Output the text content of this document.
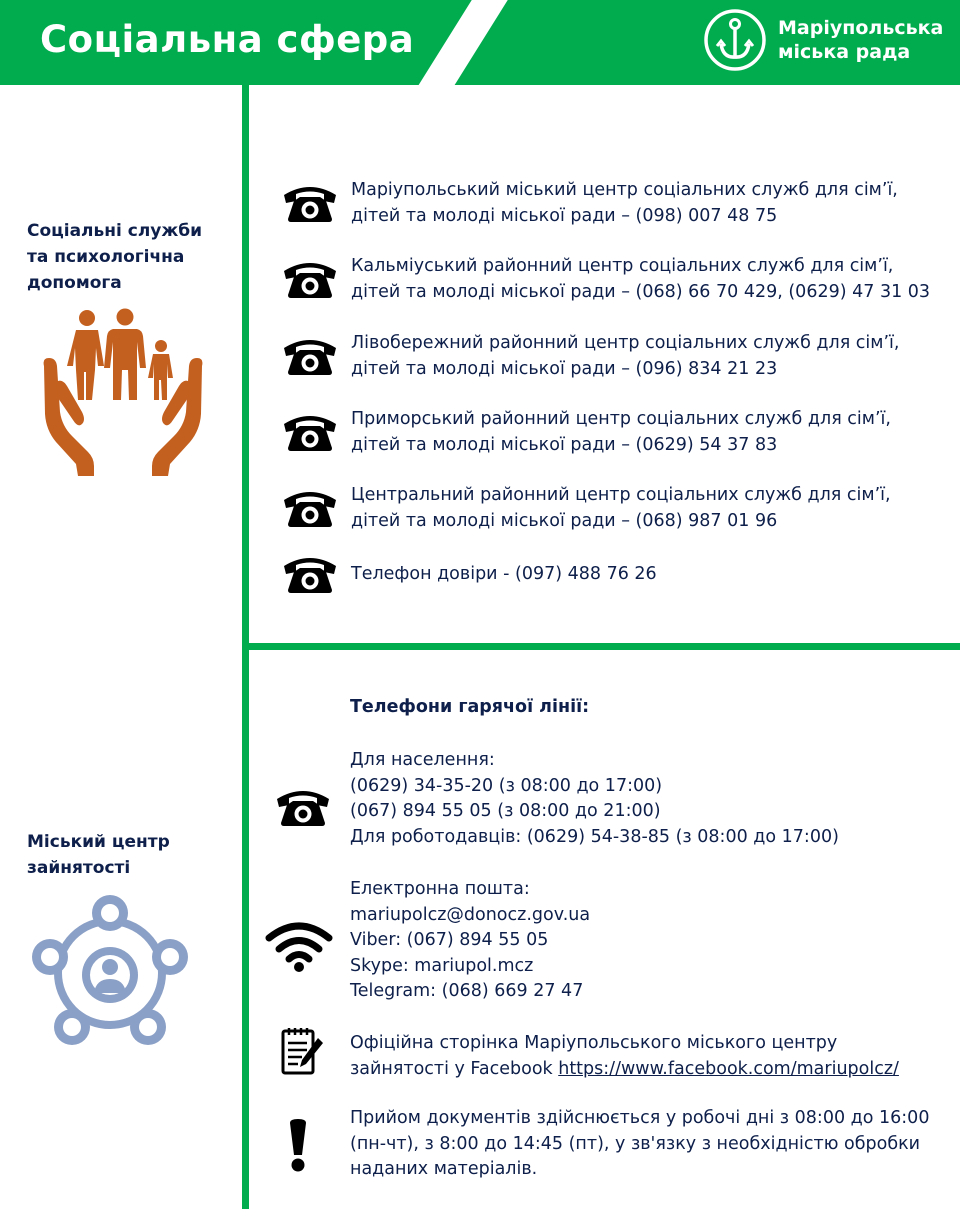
Соціальна сфера	Маріупольська
міська рада
Соціальні служби
та психологічна
допомога
Маріупольський міський центр соціальних служб для сім’ї,
дітей та молоді міської ради – (098) 007 48 75
Кальміуський районний центр соціальних служб для сім’ї,
дітей та молоді міської ради – (068) 66 70 429, (0629) 47 31 03
Лівобережний районний центр соціальних служб для сім’ї,
дітей та молоді міської ради – (096) 834 21 23
Приморський районний центр соціальних служб для сім’ї,
дітей та молоді міської ради – (0629) 54 37 83
Центральний районний центр соціальних служб для сім’ї,
дітей та молоді міської ради – (068) 987 01 96
Телефон довіри - (097) 488 76 26
Міський центр
зайнятості
Телефони гарячої лінії:
Для населення:
(0629) 34-35-20 (з 08:00 до 17:00)
(067) 894 55 05 (з 08:00 до 21:00)
Для роботодавців: (0629) 54-38-85 (з 08:00 до 17:00)
Електронна пошта:
mariupolcz@donocz.gov.ua
Viber: (067) 894 55 05
Skype: mariupol.mcz
Telegram: (068) 669 27 47
Офіційна сторінка Маріупольського міського центру
зайнятості у Facebook https://www.facebook.com/mariupolcz/
Прийом документів здійснюється у робочі дні з 08:00 до 16:00
(пн-чт), з 8:00 до 14:45 (пт), у зв'язку з необхідністю обробки
наданих матеріалів.
